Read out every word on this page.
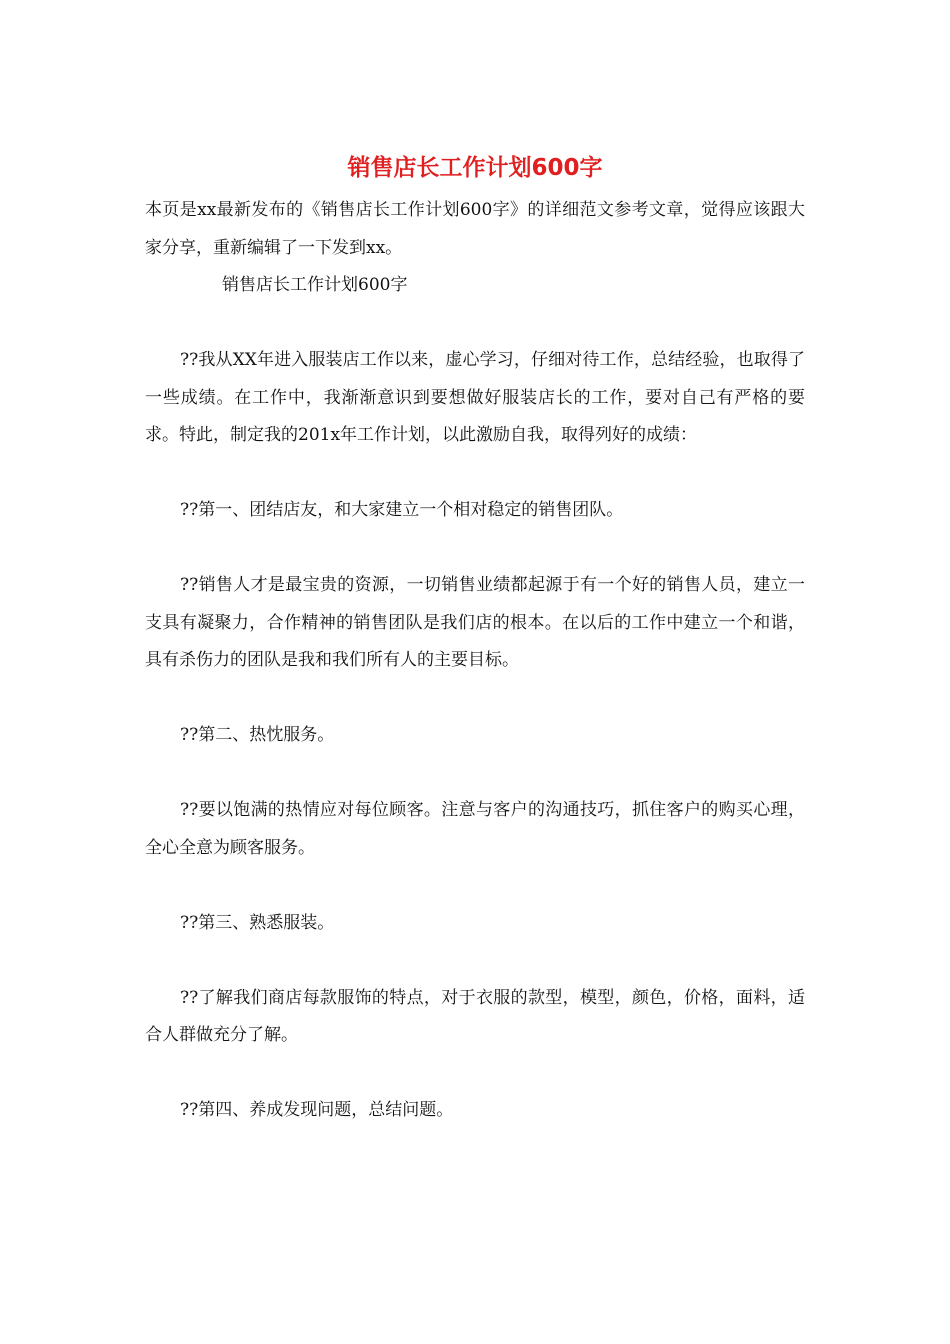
销售店长工作计划600字

本页是xx最新发布的《销售店长工作计划600字》的详细范文参考文章，觉得应该跟大家分享，重新编辑了一下发到xx。

销售店长工作计划600字

??我从XX年进入服装店工作以来，虚心学习，仔细对待工作，总结经验，也取得了一些成绩。在工作中，我渐渐意识到要想做好服装店长的工作，要对自己有严格的要求。特此，制定我的201x年工作计划，以此激励自我，取得列好的成绩：

??第一、团结店友，和大家建立一个相对稳定的销售团队。

??销售人才是最宝贵的资源，一切销售业绩都起源于有一个好的销售人员，建立一支具有凝聚力，合作精神的销售团队是我们店的根本。在以后的工作中建立一个和谐，具有杀伤力的团队是我和我们所有人的主要目标。

??第二、热忱服务。

??要以饱满的热情应对每位顾客。注意与客户的沟通技巧，抓住客户的购买心理，全心全意为顾客服务。

??第三、熟悉服装。

??了解我们商店每款服饰的特点，对于衣服的款型，模型，颜色，价格，面料，适合人群做充分了解。

??第四、养成发现问题，总结问题。
